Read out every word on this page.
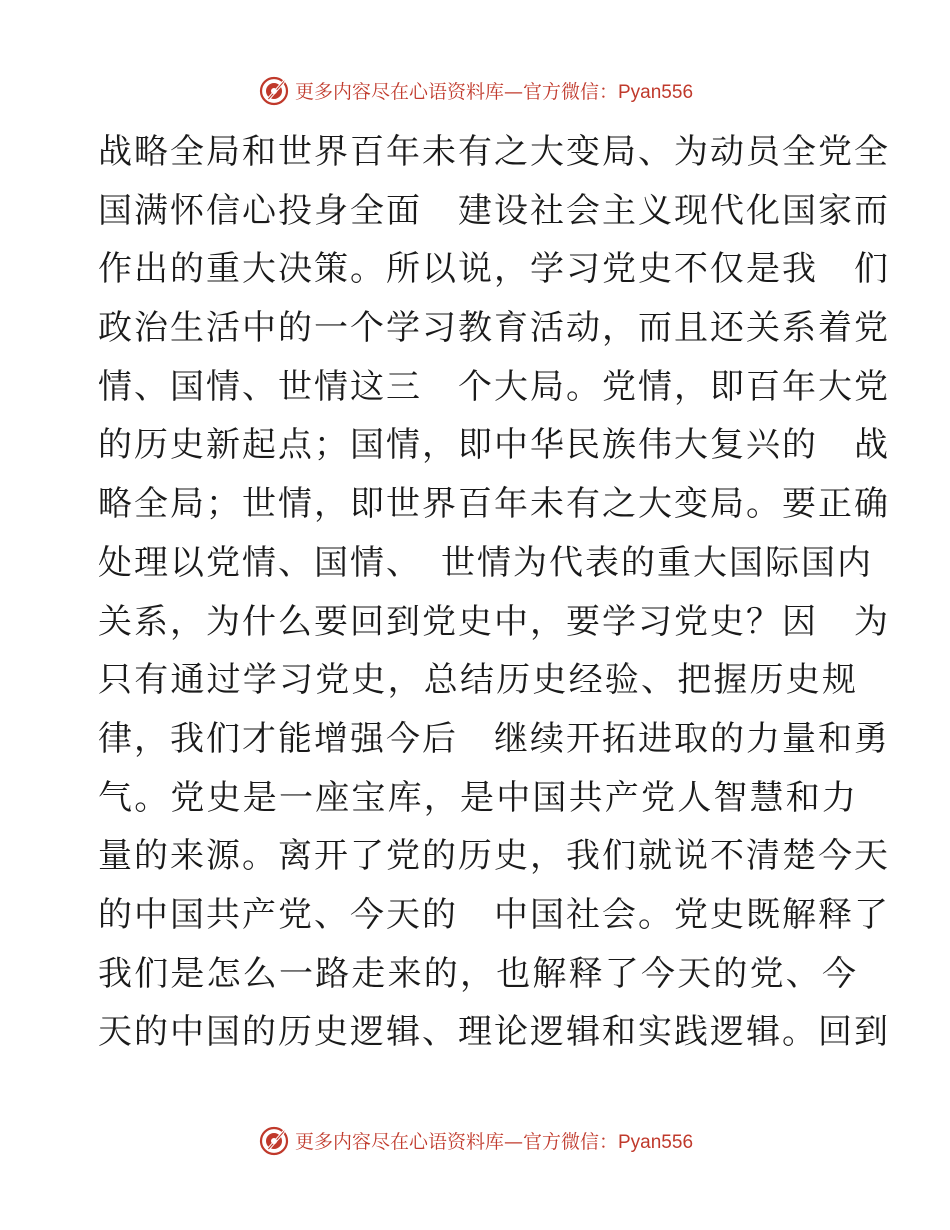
更多内容尽在心语资料库—官方微信：Pyan556
战略全局和世界百年未有之大变局、为动员全党全
国满怀信心投身全面　建设社会主义现代化国家而
作出的重大决策。所以说，学习党史不仅是我　们
政治生活中的一个学习教育活动，而且还关系着党
情、国情、世情这三　个大局。党情，即百年大党
的历史新起点；国情，即中华民族伟大复兴的　战
略全局；世情，即世界百年未有之大变局。要正确
处理以党情、国情、　世情为代表的重大国际国内
关系，为什么要回到党史中，要学习党史？因　为
只有通过学习党史，总结历史经验、把握历史规
律，我们才能增强今后　继续开拓进取的力量和勇
气。党史是一座宝库，是中国共产党人智慧和力
量的来源。离开了党的历史，我们就说不清楚今天
的中国共产党、今天的　中国社会。党史既解释了
我们是怎么一路走来的，也解释了今天的党、今
天的中国的历史逻辑、理论逻辑和实践逻辑。回到
更多内容尽在心语资料库—官方微信：Pyan556
